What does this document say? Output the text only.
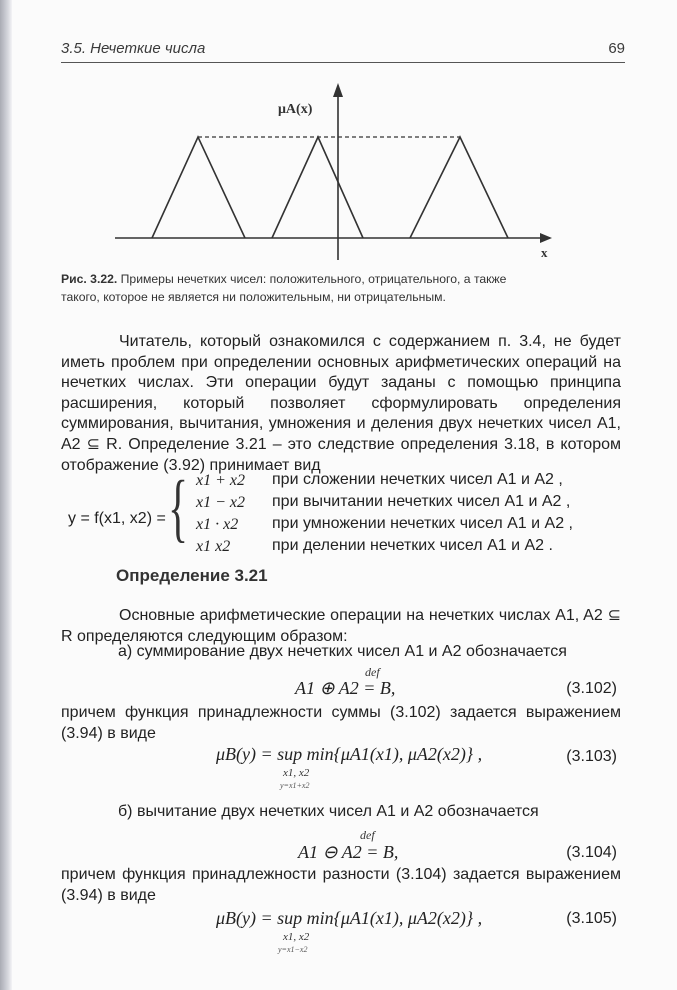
3.5. Нечеткие числа	69
μA(x)
x
Рис. 3.22. Примеры нечетких чисел: положительного, отрицательного, а также
такого, которое не является ни положительным, ни отрицательным.
Читатель, который ознакомился с содержанием п. 3.4, не будет иметь проблем при определении основных арифметических операций на нечетких числах. Эти операции будут заданы с помощью принципа расширения, который позволяет сформулировать определения суммирования, вычитания, умножения и деления двух нечетких чисел A1, A2 ⊆ R. Определение 3.21 – это следствие определения 3.18, в котором отображение (3.92) принимает вид
y = f(x1, x2) = { x1 + x2 при сложении нечетких чисел A1 и A2 ,
x1 − x2 при вычитании нечетких чисел A1 и A2 ,
x1 · x2 при умножении нечетких чисел A1 и A2 ,
x1 x2	при делении нечетких чисел A1 и A2 .
Определение 3.21
Основные арифметические операции на нечетких числах A1, A2 ⊆ R определяются следующим образом:
а) суммирование двух нечетких чисел A1 и A2 обозначается
def
A1 ⊕ A2 = B,	(3.102)
причем функция принадлежности суммы (3.102) задается выражением (3.94) в виде
μB(y) = sup min{μA1(x1), μA2(x2)} ,
x1, x2
y=x1+x2
(3.103)
б) вычитание двух нечетких чисел A1 и A2 обозначается
def
A1 ⊖ A2 = B,	(3.104)
причем функция принадлежности разности (3.104) задается выражением (3.94) в виде
μB(y) = sup min{μA1(x1), μA2(x2)} ,
x1, x2
y=x1−x2
(3.105)
